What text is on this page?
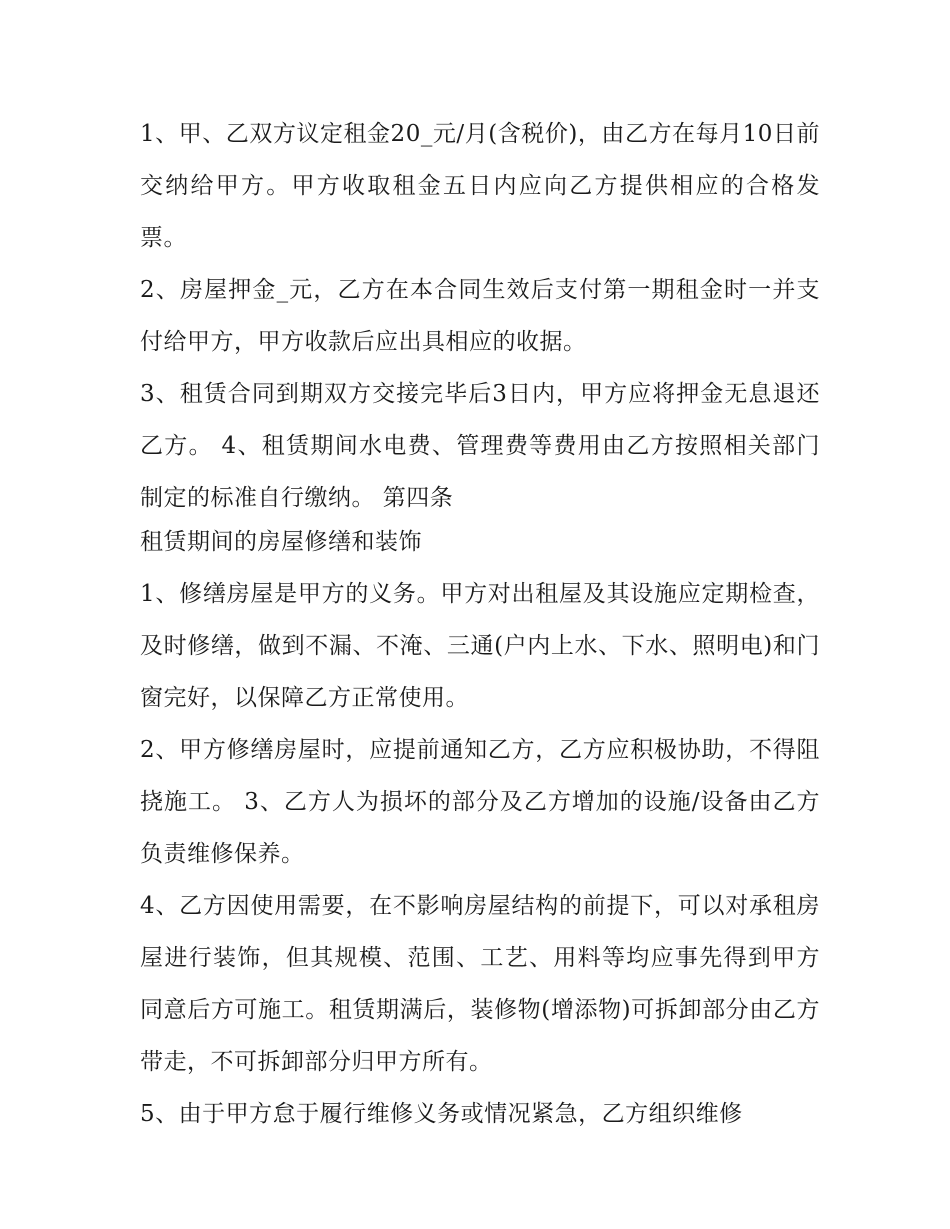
1、甲、乙双方议定租金20_元/月(含税价)，由乙方在每月10日前交纳给甲方。甲方收取租金五日内应向乙方提供相应的合格发票。

2、房屋押金_元，乙方在本合同生效后支付第一期租金时一并支付给甲方，甲方收款后应出具相应的收据。

3、租赁合同到期双方交接完毕后3日内，甲方应将押金无息退还乙方。 4、租赁期间水电费、管理费等费用由乙方按照相关部门制定的标准自行缴纳。 第四条

租赁期间的房屋修缮和装饰

1、修缮房屋是甲方的义务。甲方对出租屋及其设施应定期检查，及时修缮，做到不漏、不淹、三通(户内上水、下水、照明电)和门窗完好，以保障乙方正常使用。

2、甲方修缮房屋时，应提前通知乙方，乙方应积极协助，不得阻挠施工。 3、乙方人为损坏的部分及乙方增加的设施/设备由乙方负责维修保养。

4、乙方因使用需要，在不影响房屋结构的前提下，可以对承租房屋进行装饰，但其规模、范围、工艺、用料等均应事先得到甲方同意后方可施工。租赁期满后，装修物(增添物)可拆卸部分由乙方带走，不可拆卸部分归甲方所有。

5、由于甲方怠于履行维修义务或情况紧急，乙方组织维修
